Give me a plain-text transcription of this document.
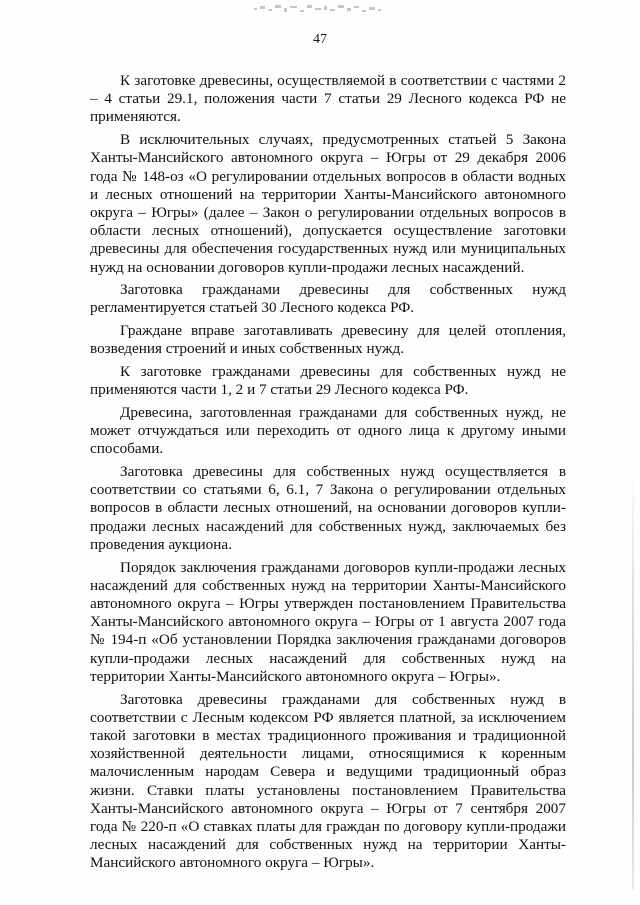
47

К заготовке древесины, осуществляемой в соответствии с частями 2 – 4 статьи 29.1, положения части 7 статьи 29 Лесного кодекса РФ не применяются.

В исключительных случаях, предусмотренных статьей 5 Закона Ханты-Мансийского автономного округа – Югры от 29 декабря 2006 года № 148-оз «О регулировании отдельных вопросов в области водных и лесных отношений на территории Ханты-Мансийского автономного округа – Югры» (далее – Закон о регулировании отдельных вопросов в области лесных отношений), допускается осуществление заготовки древесины для обеспечения государственных нужд или муниципальных нужд на основании договоров купли-продажи лесных насаждений.

Заготовка гражданами древесины для собственных нужд регламентируется статьей 30 Лесного кодекса РФ.

Граждане вправе заготавливать древесину для целей отопления, возведения строений и иных собственных нужд.

К заготовке гражданами древесины для собственных нужд не применяются части 1, 2 и 7 статьи 29 Лесного кодекса РФ.

Древесина, заготовленная гражданами для собственных нужд, не может отчуждаться или переходить от одного лица к другому иными способами.

Заготовка древесины для собственных нужд осуществляется в соответствии со статьями 6, 6.1, 7 Закона о регулировании отдельных вопросов в области лесных отношений, на основании договоров купли-продажи лесных насаждений для собственных нужд, заключаемых без проведения аукциона.

Порядок заключения гражданами договоров купли-продажи лесных насаждений для собственных нужд на территории Ханты-Мансийского автономного округа – Югры утвержден постановлением Правительства Ханты-Мансийского автономного округа – Югры от 1 августа 2007 года № 194-п «Об установлении Порядка заключения гражданами договоров купли-продажи лесных насаждений для собственных нужд на территории Ханты-Мансийского автономного округа – Югры».

Заготовка древесины гражданами для собственных нужд в соответствии с Лесным кодексом РФ является платной, за исключением такой заготовки в местах традиционного проживания и традиционной хозяйственной деятельности лицами, относящимися к коренным малочисленным народам Севера и ведущими традиционный образ жизни. Ставки платы установлены постановлением Правительства Ханты-Мансийского автономного округа – Югры от 7 сентября 2007 года № 220-п «О ставках платы для граждан по договору купли-продажи лесных насаждений для собственных нужд на территории Ханты-Мансийского автономного округа – Югры».
